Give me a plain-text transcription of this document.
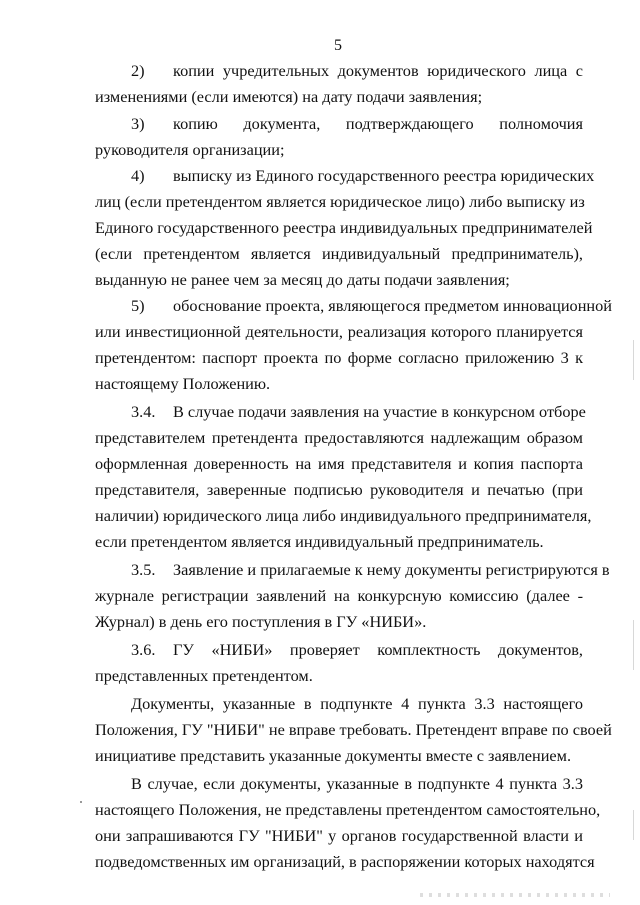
5
2) копии учредительных документов юридического лица с
изменениями (если имеются) на дату подачи заявления;
3) копию документа, подтверждающего полномочия
руководителя организации;
4) выписку из Единого государственного реестра юридических
лиц (если претендентом является юридическое лицо) либо выписку из
Единого государственного реестра индивидуальных предпринимателей
(если претендентом является индивидуальный предприниматель),
выданную не ранее чем за месяц до даты подачи заявления;
5) обоснование проекта, являющегося предметом инновационной
или инвестиционной деятельности, реализация которого планируется
претендентом: паспорт проекта по форме согласно приложению 3 к
настоящему Положению.
3.4. В случае подачи заявления на участие в конкурсном отборе
представителем претендента предоставляются надлежащим образом
оформленная доверенность на имя представителя и копия паспорта
представителя, заверенные подписью руководителя и печатью (при
наличии) юридического лица либо индивидуального предпринимателя,
если претендентом является индивидуальный предприниматель.
3.5. Заявление и прилагаемые к нему документы регистрируются в
журнале регистрации заявлений на конкурсную комиссию (далее -
Журнал) в день его поступления в ГУ «НИБИ».
3.6. ГУ «НИБИ» проверяет комплектность документов,
представленных претендентом.
Документы, указанные в подпункте 4 пункта 3.3 настоящего
Положения, ГУ "НИБИ" не вправе требовать. Претендент вправе по своей
инициативе представить указанные документы вместе с заявлением.
В случае, если документы, указанные в подпункте 4 пункта 3.3
настоящего Положения, не представлены претендентом самостоятельно,
они запрашиваются ГУ "НИБИ" у органов государственной власти и
подведомственных им организаций, в распоряжении которых находятся
